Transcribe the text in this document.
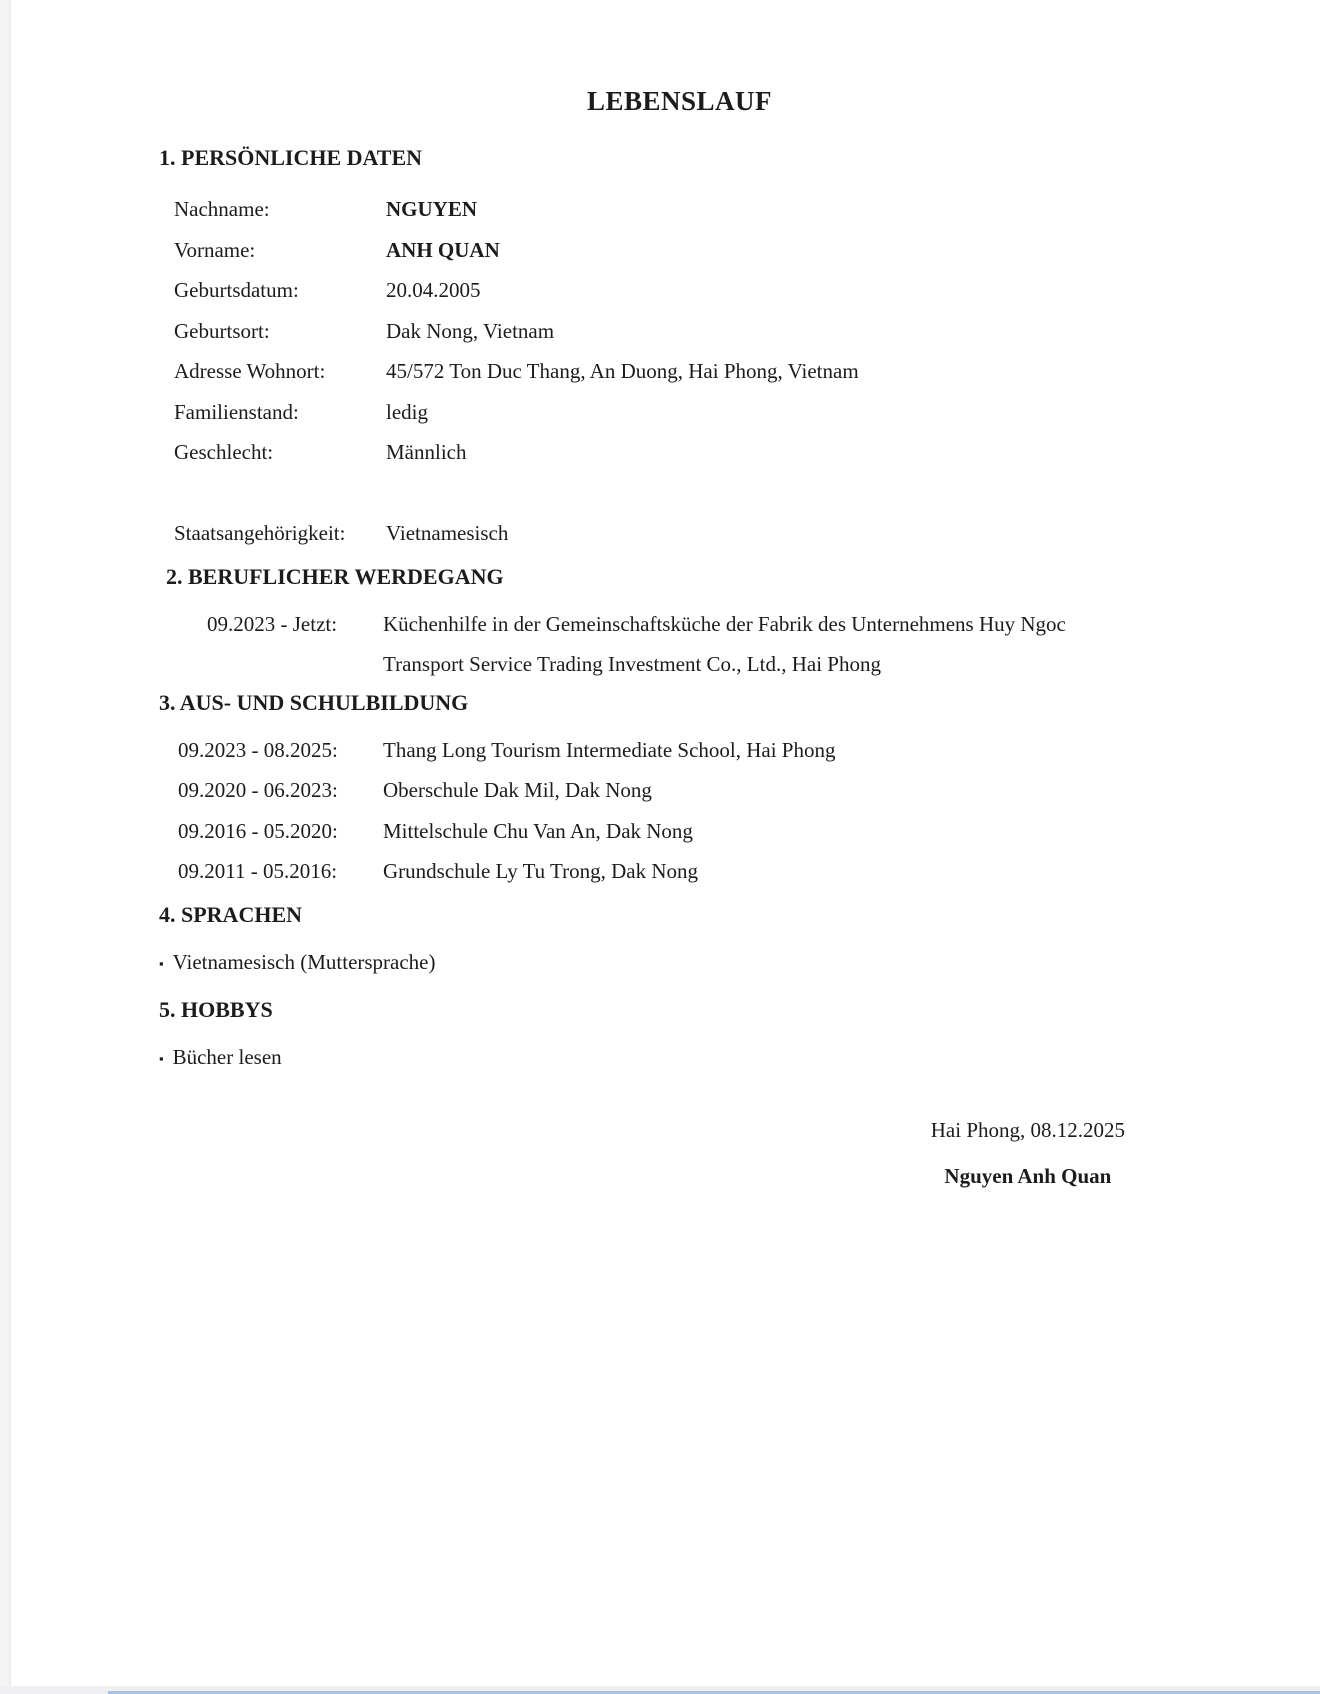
LEBENSLAUF
1. PERSÖNLICHE DATEN
Nachname:	NGUYEN
Vorname:	ANH QUAN
Geburtsdatum:	20.04.2005
Geburtsort:	Dak Nong, Vietnam
Adresse Wohnort:	45/572 Ton Duc Thang, An Duong, Hai Phong, Vietnam
Familienstand:	ledig
Geschlecht:	Männlich
Staatsangehörigkeit:	Vietnamesisch
2. BERUFLICHER WERDEGANG
09.2023 - Jetzt:	Küchenhilfe in der Gemeinschaftsküche der Fabrik des Unternehmens Huy Ngoc Transport Service Trading Investment Co., Ltd., Hai Phong
3. AUS- UND SCHULBILDUNG
09.2023 - 08.2025:	Thang Long Tourism Intermediate School, Hai Phong
09.2020 - 06.2023:	Oberschule Dak Mil, Dak Nong
09.2016 - 05.2020:	Mittelschule Chu Van An, Dak Nong
09.2011 - 05.2016:	Grundschule Ly Tu Trong, Dak Nong
4. SPRACHEN
▪ Vietnamesisch (Muttersprache)
5. HOBBYS
▪ Bücher lesen
Hai Phong, 08.12.2025
Nguyen Anh Quan
